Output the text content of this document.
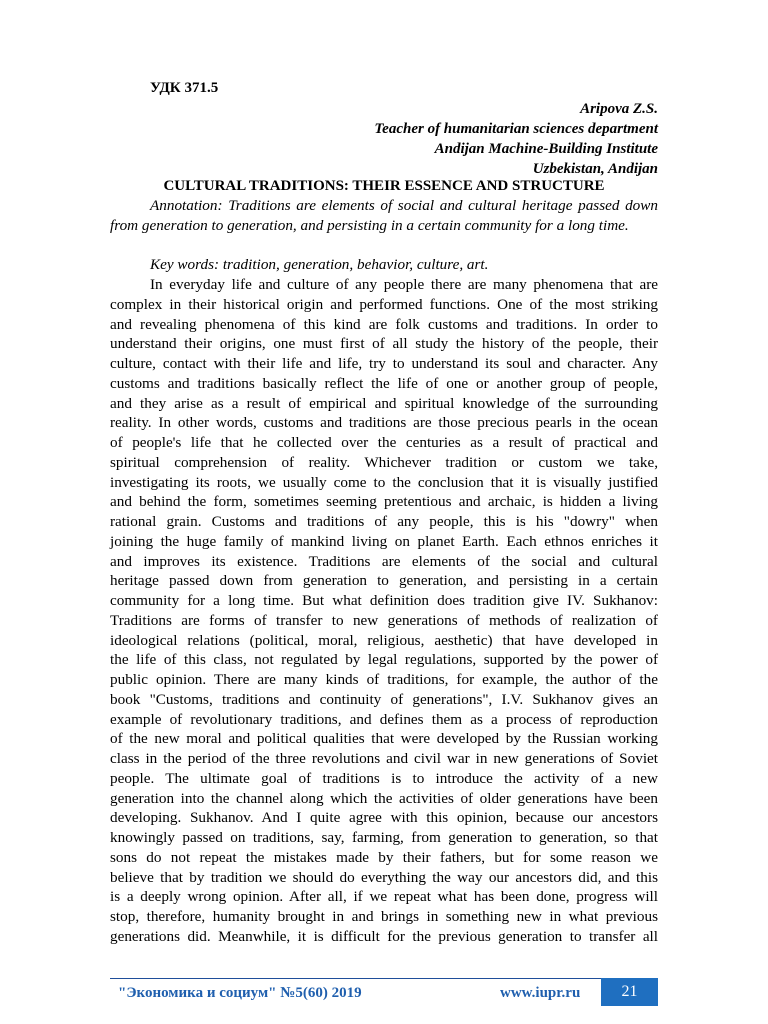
УДК 371.5
Aripova Z.S.
Teacher of humanitarian sciences department
Andijan Machine-Building Institute
Uzbekistan, Andijan
CULTURAL TRADITIONS: THEIR ESSENCE AND STRUCTURE

Annotation: Traditions are elements of social and cultural heritage passed down from generation to generation, and persisting in a certain community for a long time.

Key words: tradition, generation, behavior, culture, art.

In everyday life and culture of any people there are many phenomena that are
complex in their historical origin and performed functions. One of the most striking
and revealing phenomena of this kind are folk customs and traditions. In order to
understand their origins, one must first of all study the history of the people, their
culture, contact with their life and life, try to understand its soul and character. Any
customs and traditions basically reflect the life of one or another group of people,
and they arise as a result of empirical and spiritual knowledge of the surrounding
reality. In other words, customs and traditions are those precious pearls in the ocean
of people's life that he collected over the centuries as a result of practical and
spiritual comprehension of reality. Whichever tradition or custom we take,
investigating its roots, we usually come to the conclusion that it is visually justified
and behind the form, sometimes seeming pretentious and archaic, is hidden a living
rational grain. Customs and traditions of any people, this is his "dowry" when
joining the huge family of mankind living on planet Earth. Each ethnos enriches it
and improves its existence. Traditions are elements of the social and cultural
heritage passed down from generation to generation, and persisting in a certain
community for a long time. But what definition does tradition give IV. Sukhanov:
Traditions are forms of transfer to new generations of methods of realization of
ideological relations (political, moral, religious, aesthetic) that have developed in
the life of this class, not regulated by legal regulations, supported by the power of
public opinion. There are many kinds of traditions, for example, the author of the
book "Customs, traditions and continuity of generations", I.V. Sukhanov gives an
example of revolutionary traditions, and defines them as a process of reproduction
of the new moral and political qualities that were developed by the Russian working
class in the period of the three revolutions and civil war in new generations of Soviet
people. The ultimate goal of traditions is to introduce the activity of a new
generation into the channel along which the activities of older generations have been
developing. Sukhanov. And I quite agree with this opinion, because our ancestors
knowingly passed on traditions, say, farming, from generation to generation, so that
sons do not repeat the mistakes made by their fathers, but for some reason we
believe that by tradition we should do everything the way our ancestors did, and this
is a deeply wrong opinion. After all, if we repeat what has been done, progress will
stop, therefore, humanity brought in and brings in something new in what previous
generations did. Meanwhile, it is difficult for the previous generation to transfer all
"Экономика и социум" №5(60) 2019	www.iupr.ru	21
